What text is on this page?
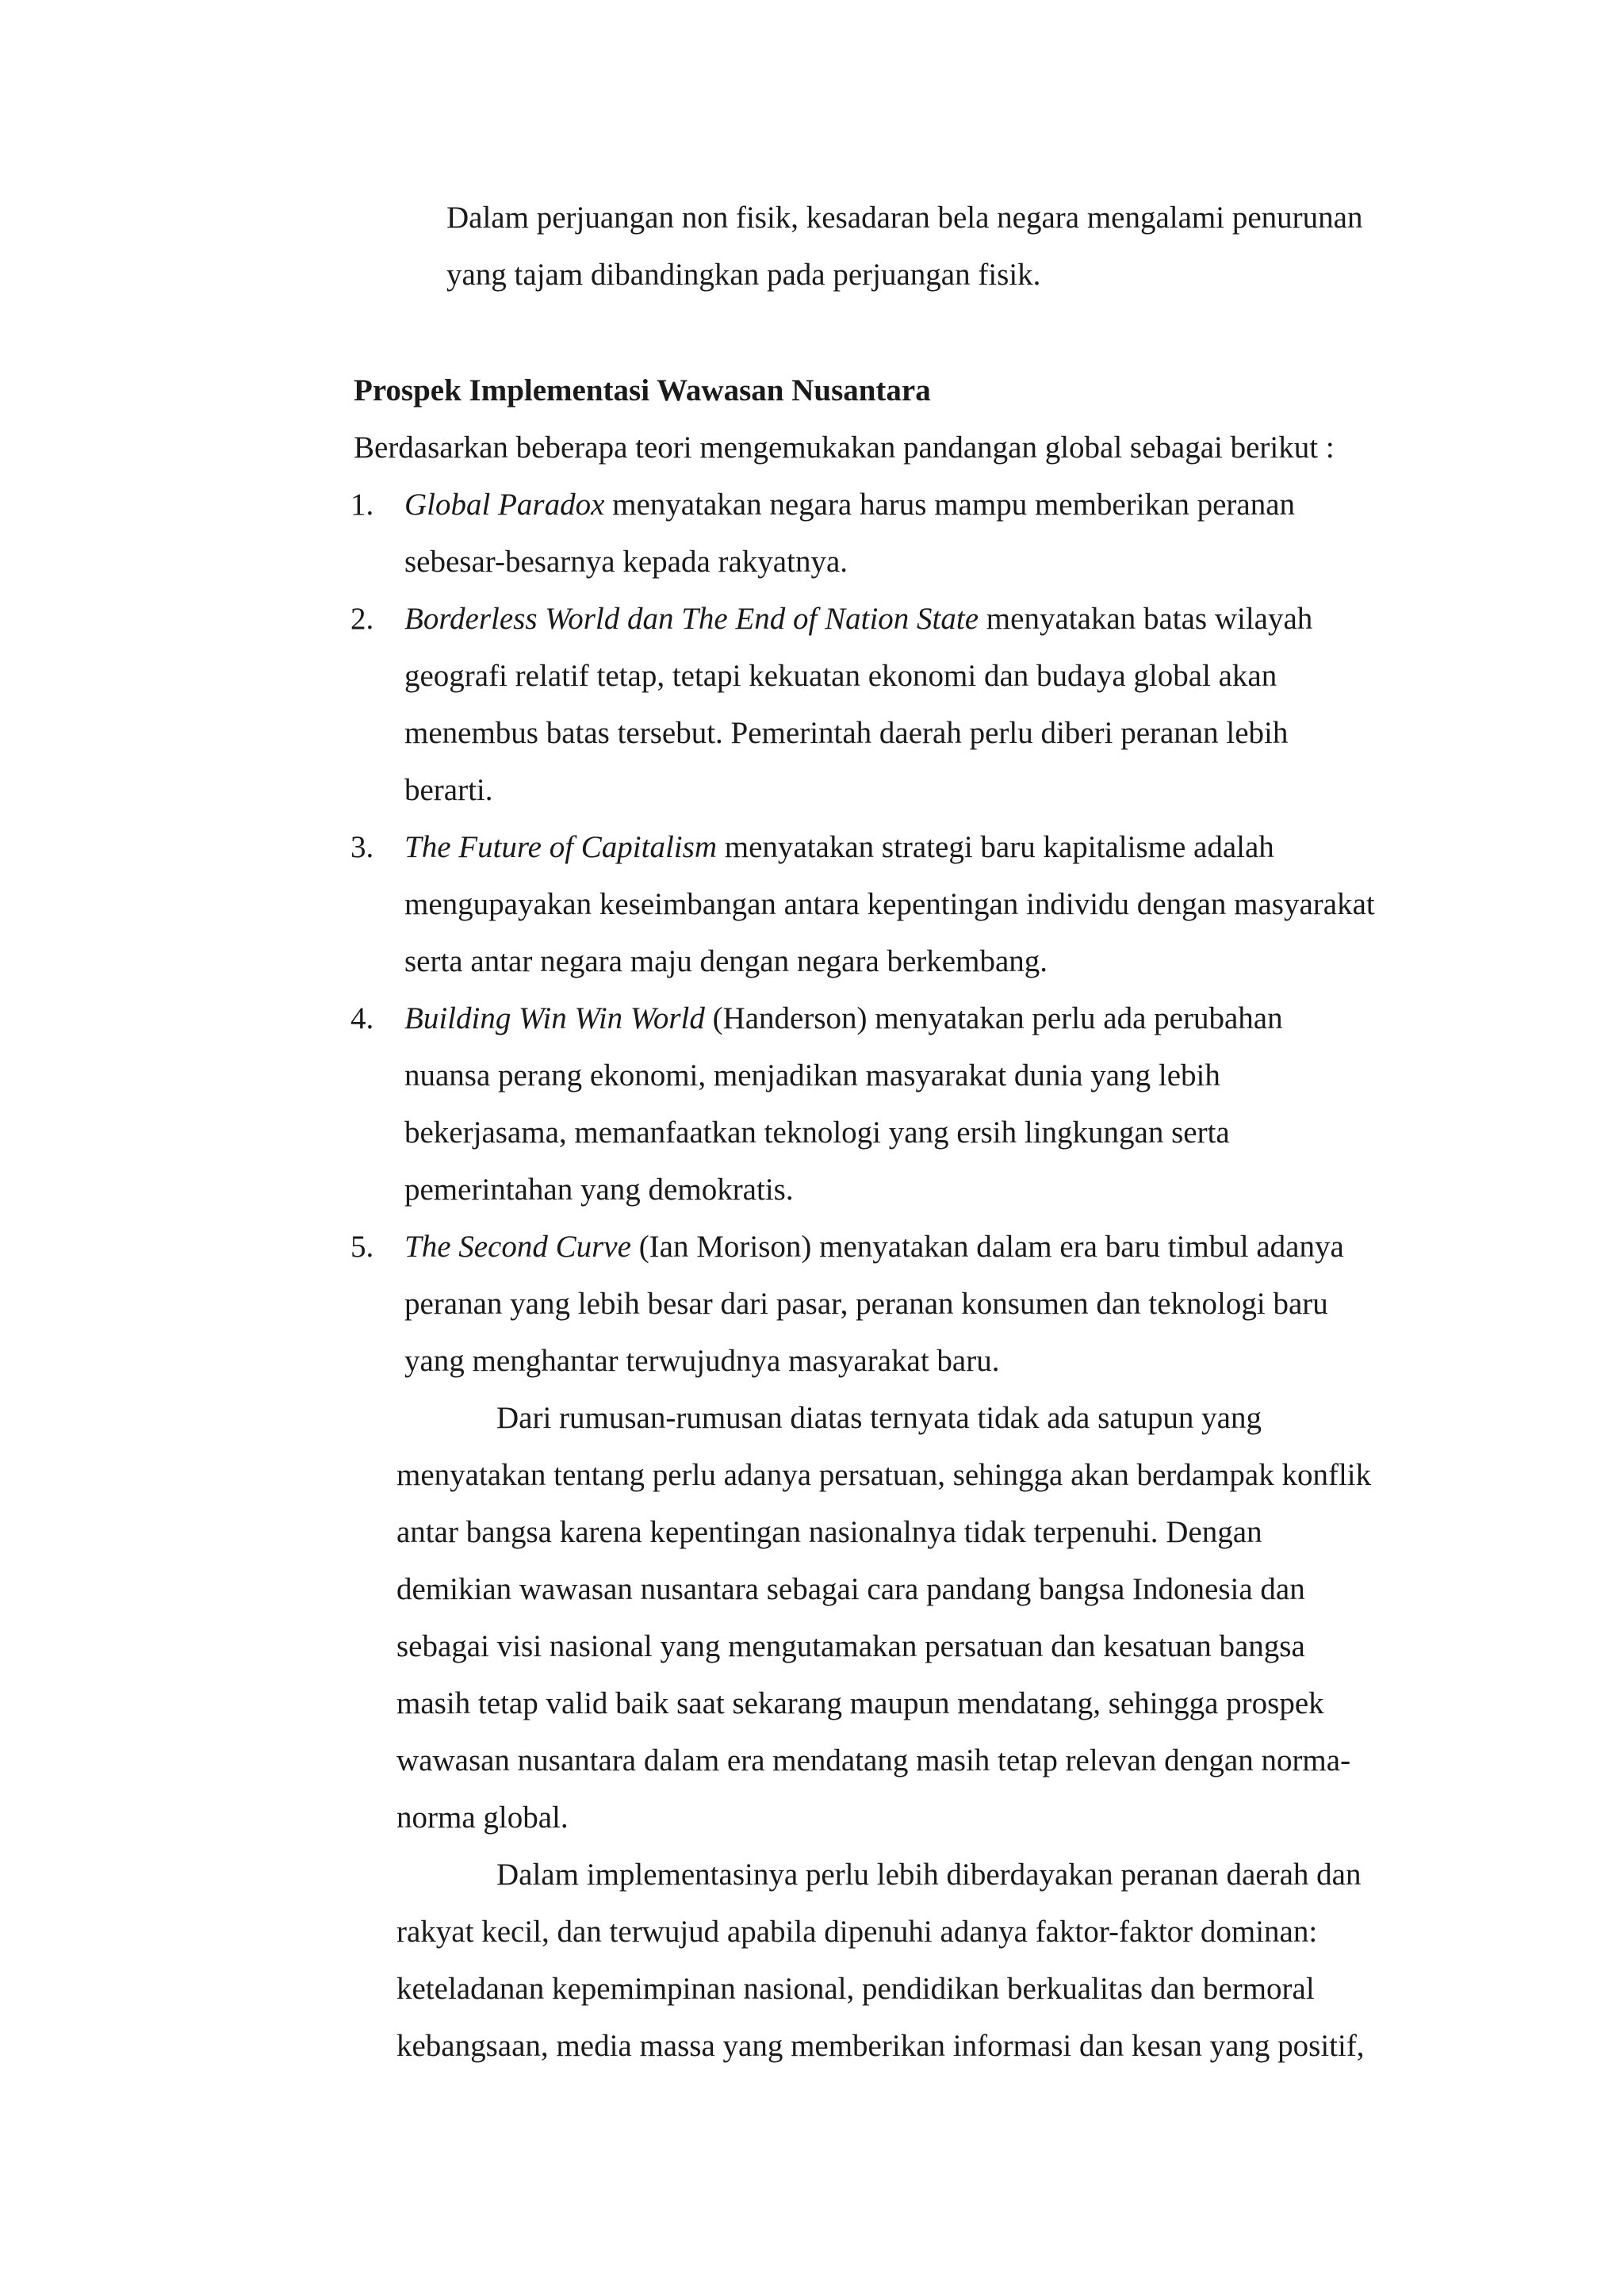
Dalam perjuangan non fisik, kesadaran bela negara mengalami penurunan
yang tajam dibandingkan pada perjuangan fisik.
Prospek Implementasi Wawasan Nusantara
Berdasarkan beberapa teori mengemukakan pandangan global sebagai berikut :
1. Global Paradox menyatakan negara harus mampu memberikan peranan
sebesar-besarnya kepada rakyatnya.
2. Borderless World dan The End of Nation State menyatakan batas wilayah
geografi relatif tetap, tetapi kekuatan ekonomi dan budaya global akan
menembus batas tersebut. Pemerintah daerah perlu diberi peranan lebih
berarti.
3. The Future of Capitalism menyatakan strategi baru kapitalisme adalah
mengupayakan keseimbangan antara kepentingan individu dengan masyarakat
serta antar negara maju dengan negara berkembang.
4. Building Win Win World (Handerson) menyatakan perlu ada perubahan
nuansa perang ekonomi, menjadikan masyarakat dunia yang lebih
bekerjasama, memanfaatkan teknologi yang ersih lingkungan serta
pemerintahan yang demokratis.
5. The Second Curve (Ian Morison) menyatakan dalam era baru timbul adanya
peranan yang lebih besar dari pasar, peranan konsumen dan teknologi baru
yang menghantar terwujudnya masyarakat baru.
Dari rumusan-rumusan diatas ternyata tidak ada satupun yang
menyatakan tentang perlu adanya persatuan, sehingga akan berdampak konflik
antar bangsa karena kepentingan nasionalnya tidak terpenuhi. Dengan
demikian wawasan nusantara sebagai cara pandang bangsa Indonesia dan
sebagai visi nasional yang mengutamakan persatuan dan kesatuan bangsa
masih tetap valid baik saat sekarang maupun mendatang, sehingga prospek
wawasan nusantara dalam era mendatang masih tetap relevan dengan norma-
norma global.
Dalam implementasinya perlu lebih diberdayakan peranan daerah dan
rakyat kecil, dan terwujud apabila dipenuhi adanya faktor-faktor dominan:
keteladanan kepemimpinan nasional, pendidikan berkualitas dan bermoral
kebangsaan, media massa yang memberikan informasi dan kesan yang positif,
